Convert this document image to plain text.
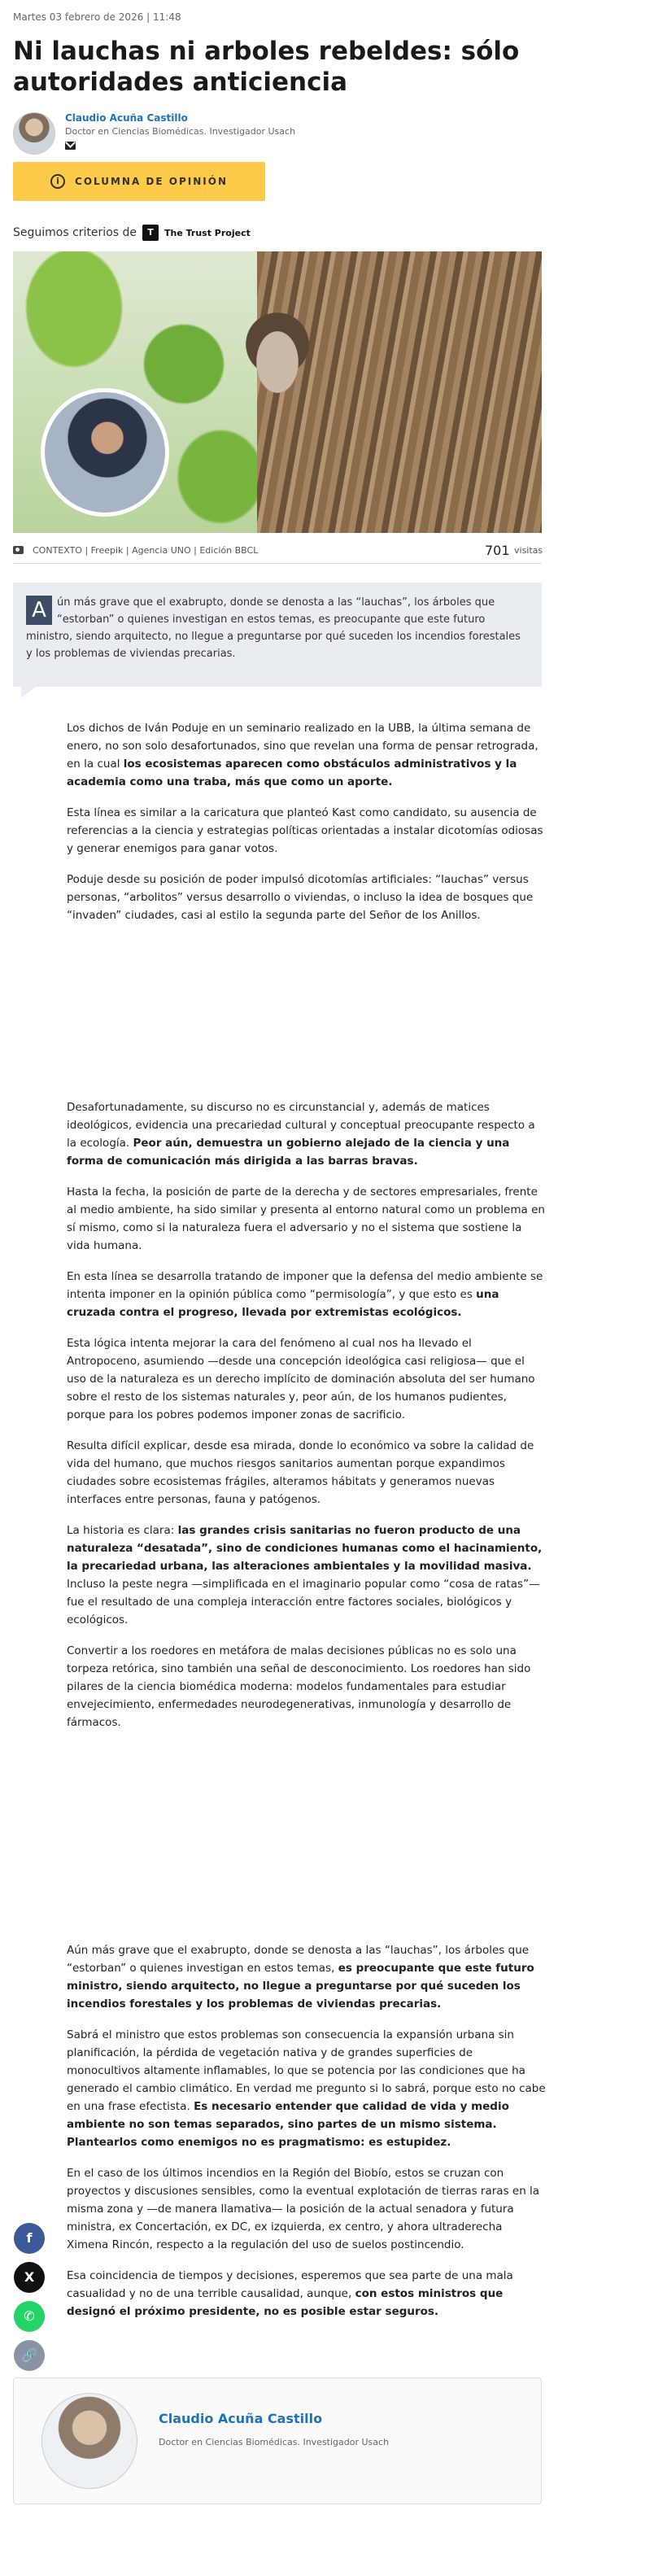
Martes 03 febrero de 2026 | 11:48
Ni lauchas ni arboles rebeldes: sólo autoridades anticiencia
Claudio Acuña Castillo
Doctor en Ciencias Biomédicas. Investigador Usach
i	COLUMNA DE OPINIÓN
Seguimos criterios de	T	The Trust Project
CONTEXTO | Freepik | Agencia UNO | Edición BBCL	701 visitas
A	ún más grave que el exabrupto, donde se denosta a las “lauchas”, los árboles que “estorban” o quienes investigan en estos temas, es preocupante que este futuro ministro, siendo arquitecto, no llegue a preguntarse por qué suceden los incendios forestales y los problemas de viviendas precarias.

Los dichos de Iván Poduje en un seminario realizado en la UBB, la última semana de enero, no son solo desafortunados, sino que revelan una forma de pensar retrograda, en la cual los ecosistemas aparecen como obstáculos administrativos y la academia como una traba, más que como un aporte.

Esta línea es similar a la caricatura que planteó Kast como candidato, su ausencia de referencias a la ciencia y estrategias políticas orientadas a instalar dicotomías odiosas y generar enemigos para ganar votos.

Poduje desde su posición de poder impulsó dicotomías artificiales: “lauchas” versus personas, “arbolitos” versus desarrollo o viviendas, o incluso la idea de bosques que “invaden” ciudades, casi al estilo la segunda parte del Señor de los Anillos.

Desafortunadamente, su discurso no es circunstancial y, además de matices ideológicos, evidencia una precariedad cultural y conceptual preocupante respecto a la ecología. Peor aún, demuestra un gobierno alejado de la ciencia y una forma de comunicación más dirigida a las barras bravas.

Hasta la fecha, la posición de parte de la derecha y de sectores empresariales, frente al medio ambiente, ha sido similar y presenta al entorno natural como un problema en sí mismo, como si la naturaleza fuera el adversario y no el sistema que sostiene la vida humana.

En esta línea se desarrolla tratando de imponer que la defensa del medio ambiente se intenta imponer en la opinión pública como “permisología”, y que esto es una cruzada contra el progreso, llevada por extremistas ecológicos.

Esta lógica intenta mejorar la cara del fenómeno al cual nos ha llevado el Antropoceno, asumiendo —desde una concepción ideológica casi religiosa— que el uso de la naturaleza es un derecho implícito de dominación absoluta del ser humano sobre el resto de los sistemas naturales y, peor aún, de los humanos pudientes, porque para los pobres podemos imponer zonas de sacrificio.

Resulta difícil explicar, desde esa mirada, donde lo económico va sobre la calidad de vida del humano, que muchos riesgos sanitarios aumentan porque expandimos ciudades sobre ecosistemas frágiles, alteramos hábitats y generamos nuevas interfaces entre personas, fauna y patógenos.

La historia es clara: las grandes crisis sanitarias no fueron producto de una naturaleza “desatada”, sino de condiciones humanas como el hacinamiento, la precariedad urbana, las alteraciones ambientales y la movilidad masiva. Incluso la peste negra —simplificada en el imaginario popular como “cosa de ratas”— fue el resultado de una compleja interacción entre factores sociales, biológicos y ecológicos.

Convertir a los roedores en metáfora de malas decisiones públicas no es solo una torpeza retórica, sino también una señal de desconocimiento. Los roedores han sido pilares de la ciencia biomédica moderna: modelos fundamentales para estudiar envejecimiento, enfermedades neurodegenerativas, inmunología y desarrollo de fármacos.

Aún más grave que el exabrupto, donde se denosta a las “lauchas”, los árboles que “estorban” o quienes investigan en estos temas, es preocupante que este futuro ministro, siendo arquitecto, no llegue a preguntarse por qué suceden los incendios forestales y los problemas de viviendas precarias.

Sabrá el ministro que estos problemas son consecuencia la expansión urbana sin planificación, la pérdida de vegetación nativa y de grandes superficies de monocultivos altamente inflamables, lo que se potencia por las condiciones que ha generado el cambio climático. En verdad me pregunto si lo sabrá, porque esto no cabe en una frase efectista. Es necesario entender que calidad de vida y medio ambiente no son temas separados, sino partes de un mismo sistema. Plantearlos como enemigos no es pragmatismo: es estupidez.

En el caso de los últimos incendios en la Región del Biobío, estos se cruzan con proyectos y discusiones sensibles, como la eventual explotación de tierras raras en la misma zona y —de manera llamativa— la posición de la actual senadora y futura ministra, ex Concertación, ex DC, ex izquierda, ex centro, y ahora ultraderecha Ximena Rincón, respecto a la regulación del uso de suelos postincendio.

Esa coincidencia de tiempos y decisiones, esperemos que sea parte de una mala casualidad y no de una terrible causalidad, aunque, con estos ministros que designó el próximo presidente, no es posible estar seguros.

f
X
✆
🔗
Claudio Acuña Castillo
Doctor en Ciencias Biomédicas. Investigador Usach
